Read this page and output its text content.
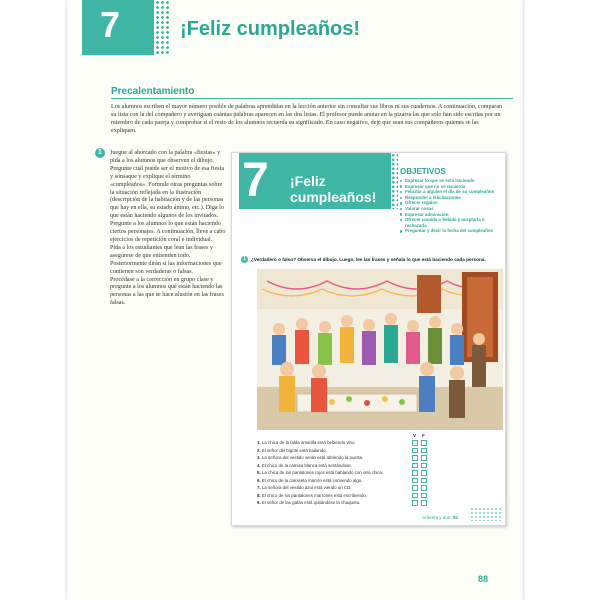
7	¡Feliz cumpleaños!
Precalentamiento
Los alumnos escriben el mayor número posible de palabras aprendidas en la lección anterior sin consultar sus libros ni sus cuadernos. A continuación, comparan su lista con la del compañero y averiguan cuántas palabras aparecen en las dos listas. El profesor puede anotar en la pizarra las que solo han sido escritas por un miembro de cada pareja y comprobar si el resto de los alumnos recuerda su significado. En caso negativo, deje que sean sus compañeros quienes se las expliquen.
1	Juegue al ahorcado con la palabra «fiestas» y pida a los alumnos que observen el dibujo. Pregunte cuál puede ser el motivo de esa fiesta y sonsaque y explique el término «cumpleaños». Formule otras preguntas sobre la situación reflejada en la ilustración (descripción de la habitación y de las personas que hay en ella, su estado ánimo, etc.). Diga lo que están haciendo algunos de los invitados. Pregunte a los alumnos lo que están haciendo ciertos personajes. A continuación, lleve a cabo ejercicios de repetición coral e individual.

Pida a los estudiantes que lean las frases y asegúrese de que entienden todo. Posteriormente dirán si las informaciones que contienen son verdaderas o falsas.

Procédase a la corrección en grupo clase y pregunte a los alumnos qué están haciendo las personas a las que se hace alusión en las frases falsas.

7 ¡Feliz cumpleaños!
OBJETIVOS
Expresar lo que se está haciendo
Expresar que no se recuerda
Felicitar a alguien el día de su cumpleaños
Responder a felicitaciones
Ofrecer regalos
Valorar cosas
Expresar admiración
Ofrecer comida o bebida y aceptarla o rechazarla
Preguntar y decir la fecha del cumpleaños
1	¿Verdadero o falso? Observa el dibujo. Luego, lee las frases y señala lo que está haciendo cada persona.
V F
1. La chica de la falda amarilla está bebiendo vino.
2. El señor del bigote está bailando.
3. La señora del vestido verde está abriendo la puerta.
4. El chico de la camisa blanca está sentándose.
5. La chica de los pantalones rojos está hablando con otra chica.
6. El chico de la camiseta marrón está comiendo algo.
7. La señora del vestido azul está viendo un CD.
8. El chico de los pantalones marrones está escribiendo.
9. El señor de las gafas está quitándose la chaqueta.
ochenta y dos 82
88
